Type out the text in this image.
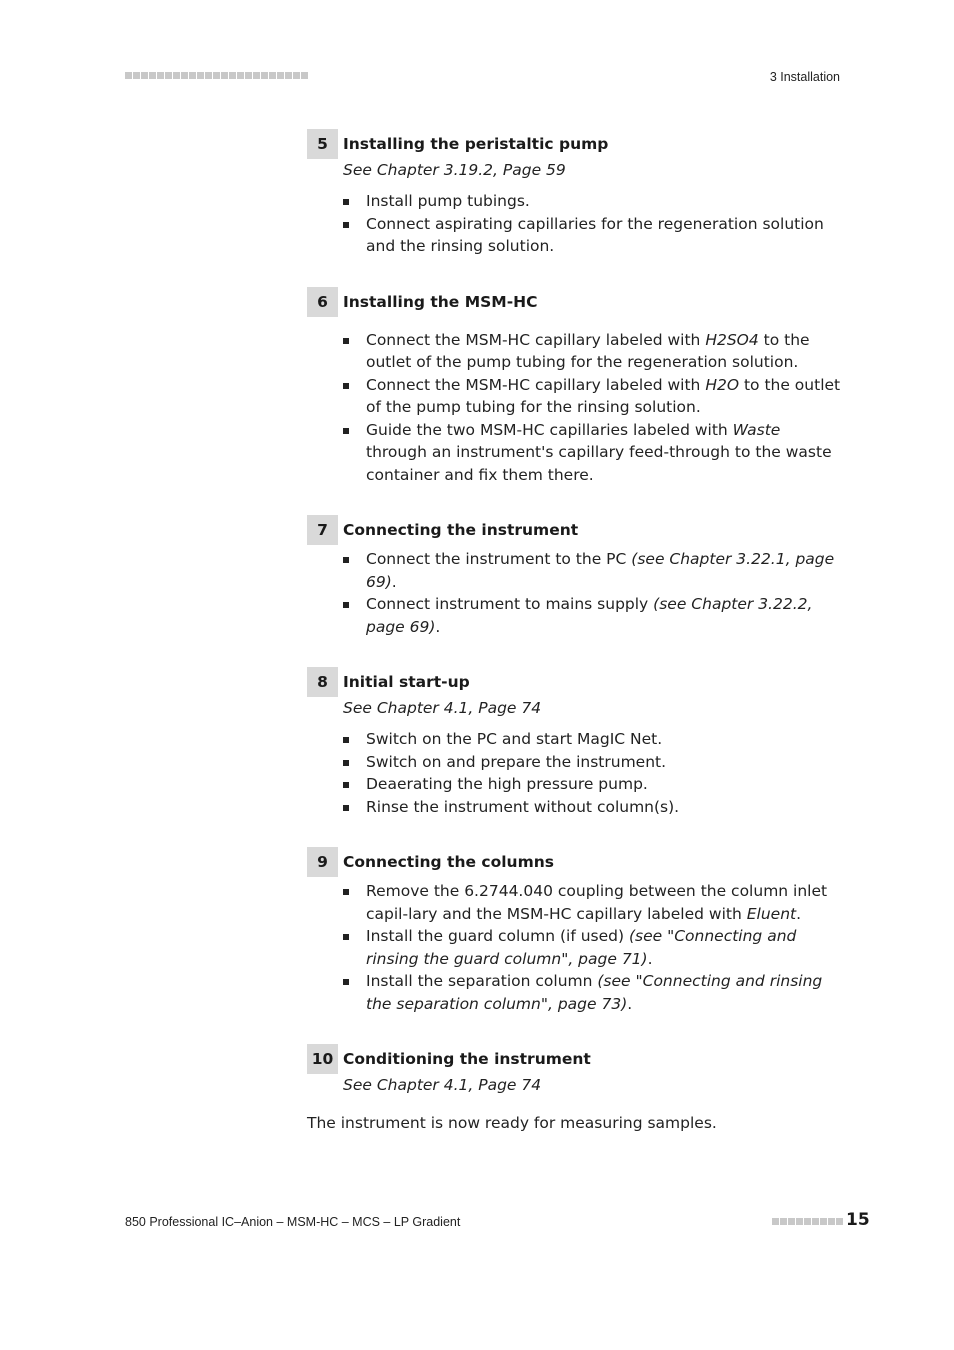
3 Installation
5 Installing the peristaltic pump
See Chapter 3.19.2, Page 59
Install pump tubings.
Connect aspirating capillaries for the regeneration solution and the rinsing solution.
6 Installing the MSM-HC
Connect the MSM-HC capillary labeled with H2SO4 to the outlet of the pump tubing for the regeneration solution.
Connect the MSM-HC capillary labeled with H2O to the outlet of the pump tubing for the rinsing solution.
Guide the two MSM-HC capillaries labeled with Waste through an instrument's capillary feed-through to the waste container and fix them there.
7 Connecting the instrument
Connect the instrument to the PC (see Chapter 3.22.1, page 69).
Connect instrument to mains supply (see Chapter 3.22.2, page 69).
8 Initial start-up
See Chapter 4.1, Page 74
Switch on the PC and start MagIC Net.
Switch on and prepare the instrument.
Deaerating the high pressure pump.
Rinse the instrument without column(s).
9 Connecting the columns
Remove the 6.2744.040 coupling between the column inlet capil-lary and the MSM-HC capillary labeled with Eluent.
Install the guard column (if used) (see "Connecting and rinsing the guard column", page 71).
Install the separation column (see "Connecting and rinsing the separation column", page 73).
10 Conditioning the instrument
See Chapter 4.1, Page 74
The instrument is now ready for measuring samples.
850 Professional IC–Anion – MSM-HC – MCS – LP Gradient	15
